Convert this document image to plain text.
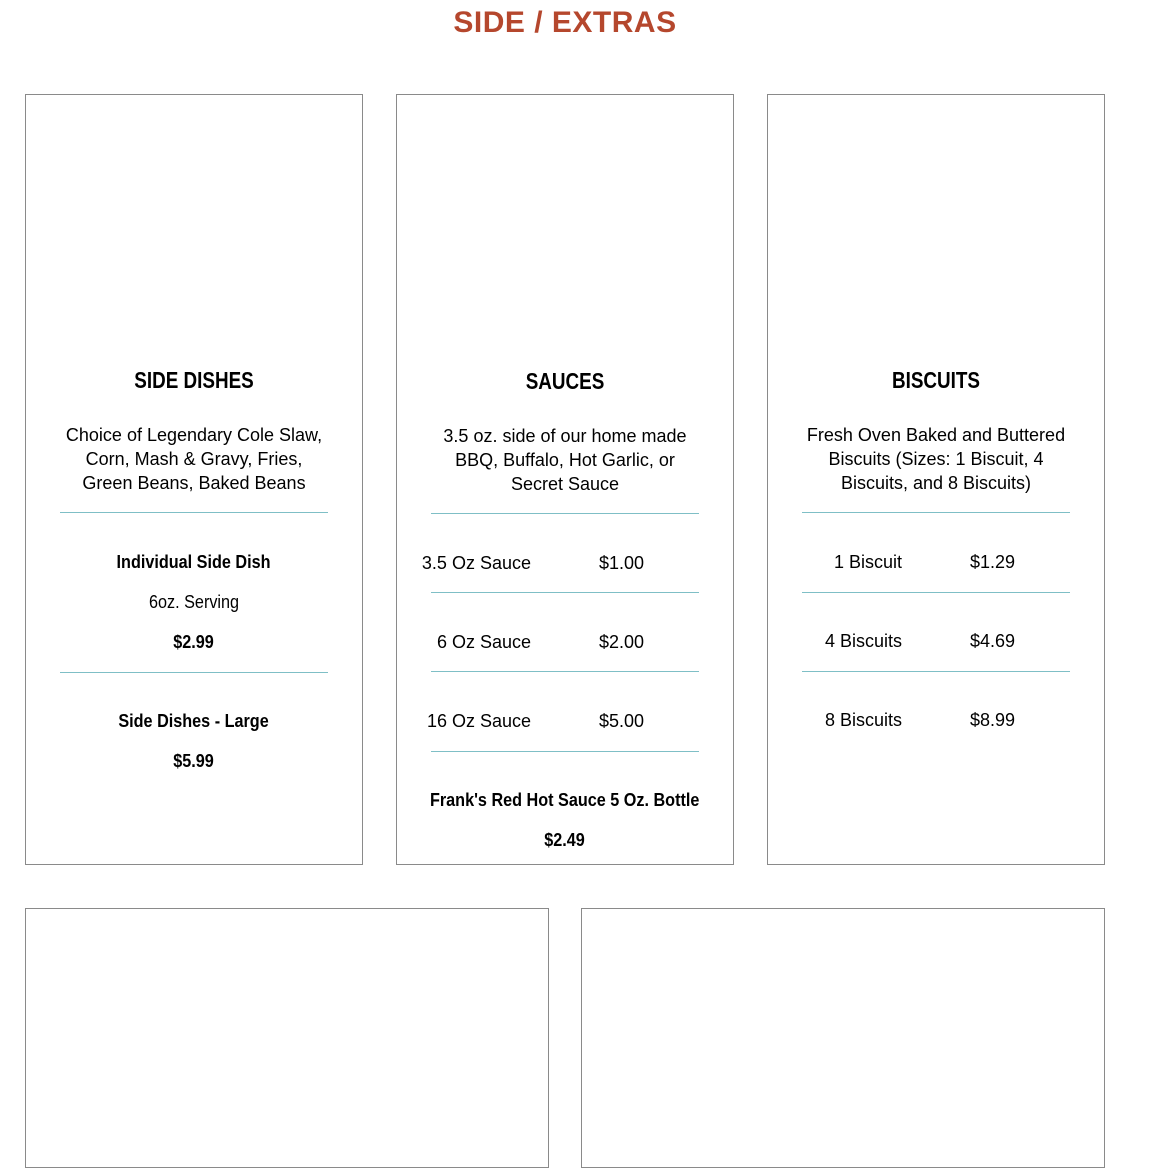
SIDE / EXTRAS
SIDE DISHES

Choice of Legendary Cole Slaw, Corn, Mash & Gravy, Fries, Green Beans, Baked Beans

Individual Side Dish
6oz. Serving
$2.99
Side Dishes - Large
$5.99
SAUCES

3.5 oz. side of our home made BBQ, Buffalo, Hot Garlic, or Secret Sauce

3.5 Oz Sauce	$1.00
6 Oz Sauce	$2.00
16 Oz Sauce	$5.00
Frank's Red Hot Sauce 5 Oz. Bottle
$2.49
BISCUITS

Fresh Oven Baked and Buttered Biscuits (Sizes: 1 Biscuit, 4 Biscuits, and 8 Biscuits)

1 Biscuit	$1.29
4 Biscuits	$4.69
8 Biscuits	$8.99
